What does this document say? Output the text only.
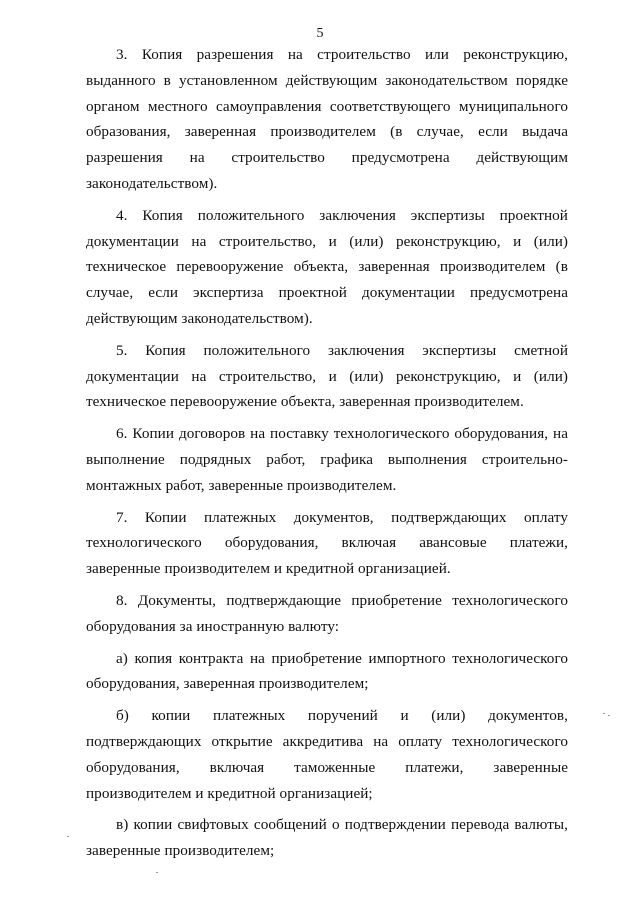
5

3. Копия разрешения на строительство или реконструкцию, выданного в установленном действующим законодательством порядке органом местного самоуправления соответствующего муниципального образования, заверенная производителем (в случае, если выдача разрешения на строительство предусмотрена действующим законодательством).

4. Копия положительного заключения экспертизы проектной документации на строительство, и (или) реконструкцию, и (или) техническое перевооружение объекта, заверенная производителем (в случае, если экспертиза проектной документации предусмотрена действующим законодательством).

5. Копия положительного заключения экспертизы сметной документации на строительство, и (или) реконструкцию, и (или) техническое перевооружение объекта, заверенная производителем.

6. Копии договоров на поставку технологического оборудования, на выполнение подрядных работ, графика выполнения строительно-монтажных работ, заверенные производителем.

7. Копии платежных документов, подтверждающих оплату технологического оборудования, включая авансовые платежи, заверенные производителем и кредитной организацией.

8. Документы, подтверждающие приобретение технологического оборудования за иностранную валюту:

а) копия контракта на приобретение импортного технологического оборудования, заверенная производителем;

б) копии платежных поручений и (или) документов, подтверждающих открытие аккредитива на оплату технологического оборудования, включая таможенные платежи, заверенные производителем и кредитной организацией;

в) копии свифтовых сообщений о подтверждении перевода валюты, заверенные производителем;
